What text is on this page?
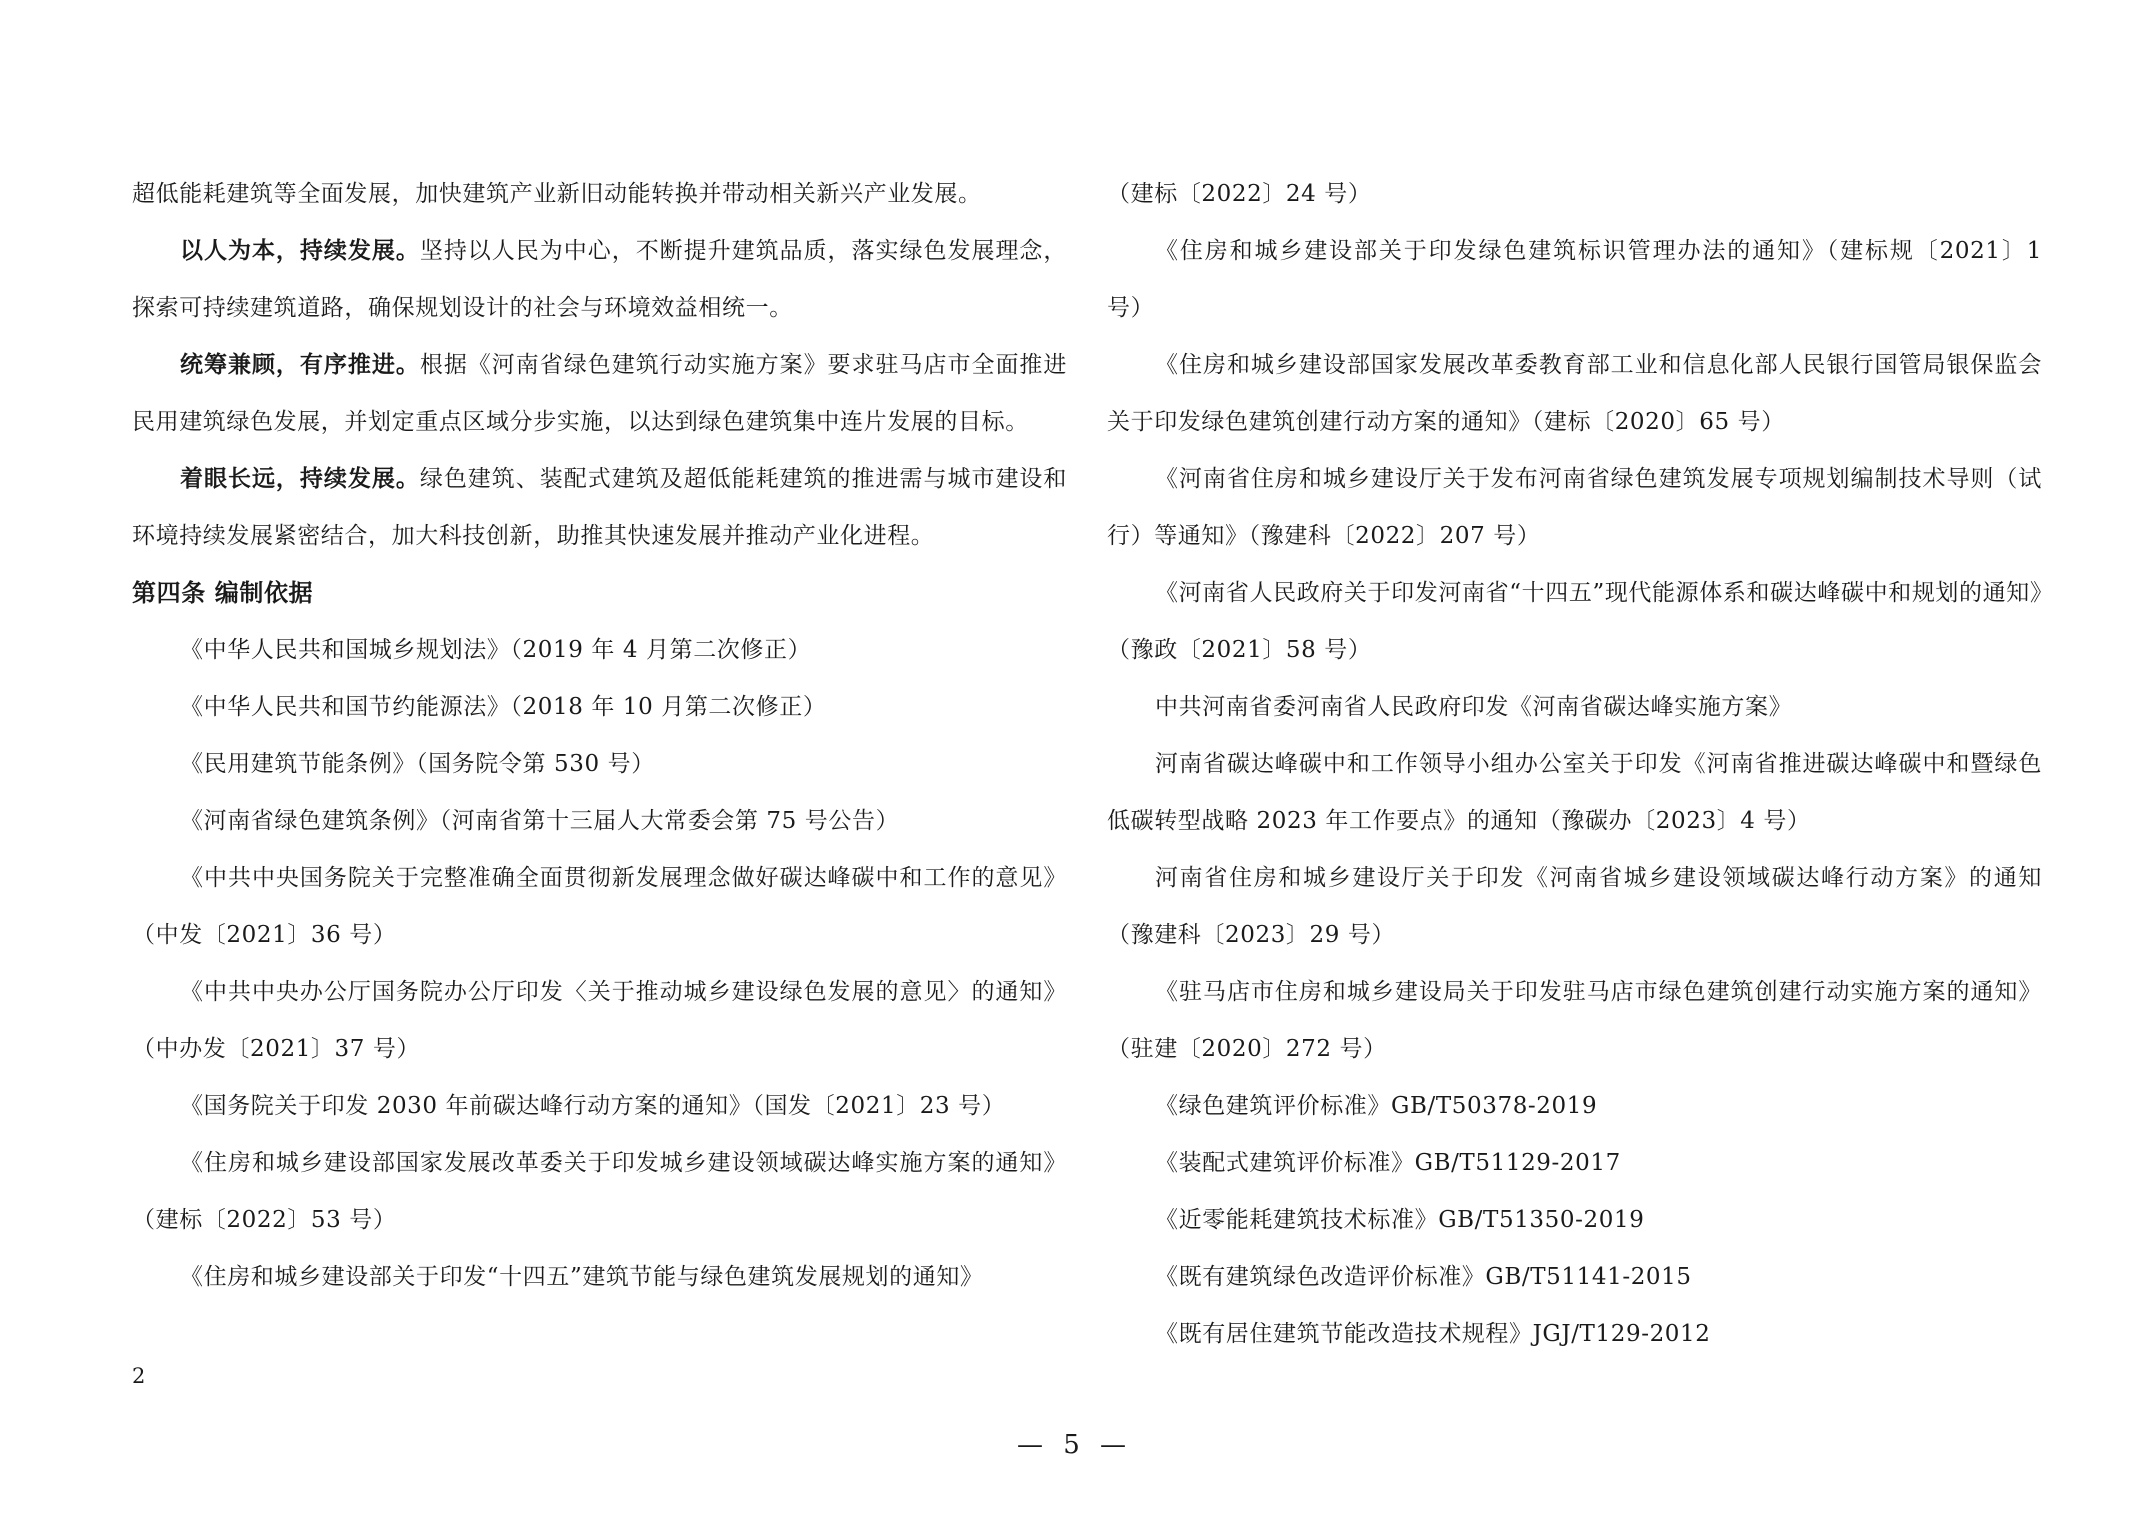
超低能耗建筑等全面发展，加快建筑产业新旧动能转换并带动相关新兴产业发展。

以人为本，持续发展。坚持以人民为中心，不断提升建筑品质，落实绿色发展理念，探索可持续建筑道路，确保规划设计的社会与环境效益相统一。

统筹兼顾，有序推进。根据《河南省绿色建筑行动实施方案》要求驻马店市全面推进民用建筑绿色发展，并划定重点区域分步实施，以达到绿色建筑集中连片发展的目标。

着眼长远，持续发展。绿色建筑、装配式建筑及超低能耗建筑的推进需与城市建设和环境持续发展紧密结合，加大科技创新，助推其快速发展并推动产业化进程。

第四条 编制依据

《中华人民共和国城乡规划法》（2019 年 4 月第二次修正）

《中华人民共和国节约能源法》（2018 年 10 月第二次修正）

《民用建筑节能条例》（国务院令第 530 号）

《河南省绿色建筑条例》（河南省第十三届人大常委会第 75 号公告）

《中共中央国务院关于完整准确全面贯彻新发展理念做好碳达峰碳中和工作的意见》（中发〔2021〕36 号）

《中共中央办公厅国务院办公厅印发〈关于推动城乡建设绿色发展的意见〉的通知》（中办发〔2021〕37 号）

《国务院关于印发 2030 年前碳达峰行动方案的通知》（国发〔2021〕23 号）

《住房和城乡建设部国家发展改革委关于印发城乡建设领域碳达峰实施方案的通知》（建标〔2022〕53 号）

《住房和城乡建设部关于印发“十四五”建筑节能与绿色建筑发展规划的通知》

（建标〔2022〕24 号）

《住房和城乡建设部关于印发绿色建筑标识管理办法的通知》（建标规〔2021〕1 号）

《住房和城乡建设部国家发展改革委教育部工业和信息化部人民银行国管局银保监会关于印发绿色建筑创建行动方案的通知》（建标〔2020〕65 号）

《河南省住房和城乡建设厅关于发布河南省绿色建筑发展专项规划编制技术导则（试行）等通知》（豫建科〔2022〕207 号）

《河南省人民政府关于印发河南省“十四五”现代能源体系和碳达峰碳中和规划的通知》（豫政〔2021〕58 号）

中共河南省委河南省人民政府印发《河南省碳达峰实施方案》

河南省碳达峰碳中和工作领导小组办公室关于印发《河南省推进碳达峰碳中和暨绿色低碳转型战略 2023 年工作要点》的通知（豫碳办〔2023〕4 号）

河南省住房和城乡建设厅关于印发《河南省城乡建设领域碳达峰行动方案》的通知（豫建科〔2023〕29 号）

《驻马店市住房和城乡建设局关于印发驻马店市绿色建筑创建行动实施方案的通知》（驻建〔2020〕272 号）

《绿色建筑评价标准》GB/T50378-2019

《装配式建筑评价标准》GB/T51129-2017

《近零能耗建筑技术标准》GB/T51350-2019

《既有建筑绿色改造评价标准》GB/T51141-2015

《既有居住建筑节能改造技术规程》JGJ/T129-2012

2
— 5 —
